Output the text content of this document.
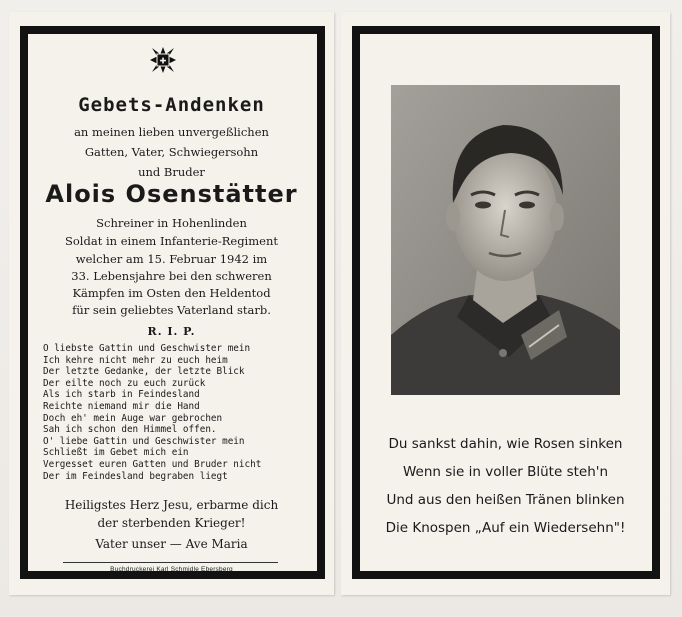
✚
Gebets-Andenken
an meinen lieben unvergeßlichen
Gatten, Vater, Schwiegersohn
und Bruder
Alois Osenstätter
Schreiner in Hohenlinden
Soldat in einem Infanterie-Regiment
welcher am 15. Februar 1942 im
33. Lebensjahre bei den schweren
Kämpfen im Osten den Heldentod
für sein geliebtes Vaterland starb.
R. I. P.
O liebste Gattin und Geschwister mein
Ich kehre nicht mehr zu euch heim
Der letzte Gedanke, der letzte Blick
Der eilte noch zu euch zurück
Als ich starb in Feindesland
Reichte niemand mir die Hand
Doch eh' mein Auge war gebrochen
Sah ich schon den Himmel offen.
O' liebe Gattin und Geschwister mein
Schließt im Gebet mich ein
Vergesset euren Gatten und Bruder nicht
Der im Feindesland begraben liegt
Heiligstes Herz Jesu, erbarme dich
der sterbenden Krieger!
Vater unser — Ave Maria
Buchdruckerei Karl Schmidle Ebersberg
Du sankst dahin, wie Rosen sinken
Wenn sie in voller Blüte steh'n
Und aus den heißen Tränen blinken
Die Knospen „Auf ein Wiedersehn"!
